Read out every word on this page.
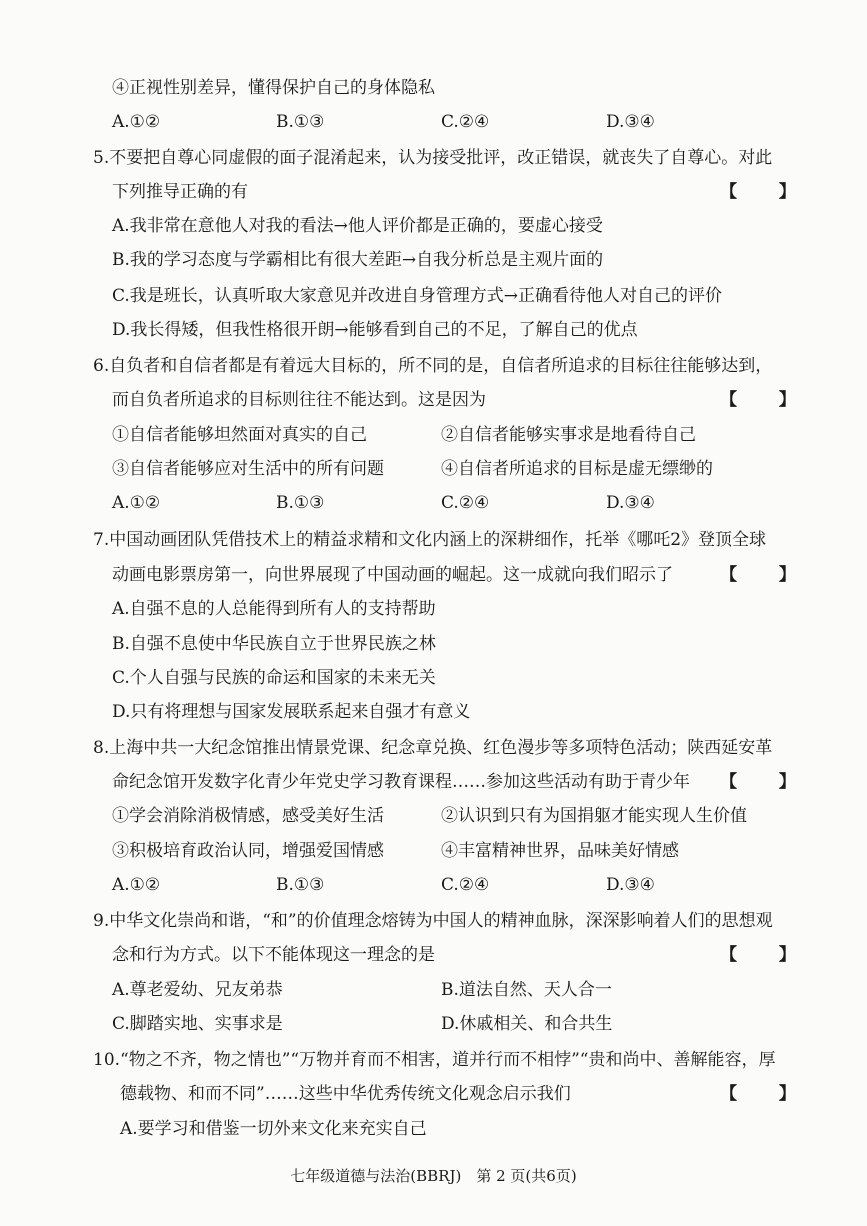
④正视性别差异，懂得保护自己的身体隐私
A.①②	B.①③	C.②④	D.③④
5.不要把自尊心同虚假的面子混淆起来，认为接受批评，改正错误，就丧失了自尊心。对此
下列推导正确的有	【 】
A.我非常在意他人对我的看法→他人评价都是正确的，要虚心接受
B.我的学习态度与学霸相比有很大差距→自我分析总是主观片面的
C.我是班长，认真听取大家意见并改进自身管理方式→正确看待他人对自己的评价
D.我长得矮，但我性格很开朗→能够看到自己的不足，了解自己的优点
6.自负者和自信者都是有着远大目标的，所不同的是，自信者所追求的目标往往能够达到，
而自负者所追求的目标则往往不能达到。这是因为	【 】
①自信者能够坦然面对真实的自己	②自信者能够实事求是地看待自己
③自信者能够应对生活中的所有问题	④自信者所追求的目标是虚无缥缈的
A.①②	B.①③	C.②④	D.③④
7.中国动画团队凭借技术上的精益求精和文化内涵上的深耕细作，托举《哪吒2》登顶全球
动画电影票房第一，向世界展现了中国动画的崛起。这一成就向我们昭示了	【 】
A.自强不息的人总能得到所有人的支持帮助
B.自强不息使中华民族自立于世界民族之林
C.个人自强与民族的命运和国家的未来无关
D.只有将理想与国家发展联系起来自强才有意义
8.上海中共一大纪念馆推出情景党课、纪念章兑换、红色漫步等多项特色活动；陕西延安革
命纪念馆开发数字化青少年党史学习教育课程……参加这些活动有助于青少年 【 】
①学会消除消极情感，感受美好生活	②认识到只有为国捐躯才能实现人生价值
③积极培育政治认同，增强爱国情感	④丰富精神世界，品味美好情感
A.①②	B.①③	C.②④	D.③④
9.中华文化崇尚和谐，“和”的价值理念熔铸为中国人的精神血脉，深深影响着人们的思想观
念和行为方式。以下不能体现这一理念的是	【 】
A.尊老爱幼、兄友弟恭	B.道法自然、天人合一
C.脚踏实地、实事求是	D.休戚相关、和合共生
10.“物之不齐，物之情也”“万物并育而不相害，道并行而不相悖”“贵和尚中、善解能容，厚
德载物、和而不同”……这些中华优秀传统文化观念启示我们	【 】
A.要学习和借鉴一切外来文化来充实自己
七年级道德与法治(BBRJ)　第 2 页(共6页)
